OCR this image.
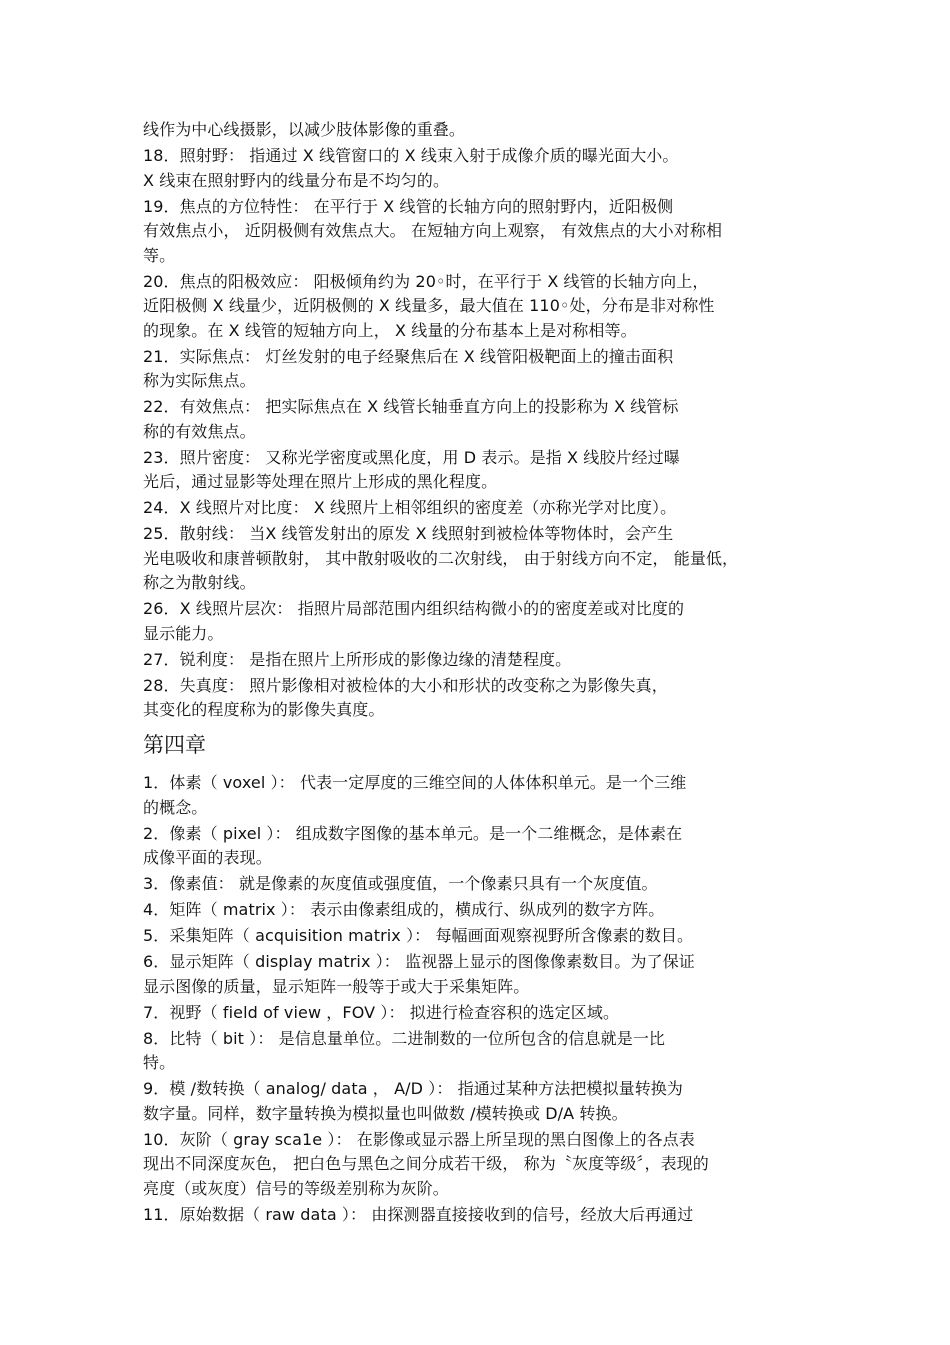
线作为中心线摄影，以减少肢体影像的重叠。
18．照射野： 指通过 X 线管窗口的 X 线束入射于成像介质的曝光面大小。
X 线束在照射野内的线量分布是不均匀的。
19．焦点的方位特性： 在平行于 X 线管的长轴方向的照射野内，近阳极侧
有效焦点小， 近阴极侧有效焦点大。 在短轴方向上观察， 有效焦点的大小对称相
等。
20．焦点的阳极效应： 阳极倾角约为 20◦时，在平行于 X 线管的长轴方向上，
近阳极侧 X 线量少，近阴极侧的 X 线量多，最大值在 110◦处，分布是非对称性
的现象。在 X 线管的短轴方向上， X 线量的分布基本上是对称相等。
21．实际焦点： 灯丝发射的电子经聚焦后在 X 线管阳极靶面上的撞击面积
称为实际焦点。
22．有效焦点： 把实际焦点在 X 线管长轴垂直方向上的投影称为 X 线管标
称的有效焦点。
23．照片密度： 又称光学密度或黑化度，用 D 表示。是指 X 线胶片经过曝
光后，通过显影等处理在照片上形成的黑化程度。
24．X 线照片对比度： X 线照片上相邻组织的密度差（亦称光学对比度）。
25．散射线： 当X 线管发射出的原发 X 线照射到被检体等物体时，会产生
光电吸收和康普顿散射， 其中散射吸收的二次射线， 由于射线方向不定， 能量低，
称之为散射线。
26．X 线照片层次： 指照片局部范围内组织结构微小的的密度差或对比度的
显示能力。
27．锐利度： 是指在照片上所形成的影像边缘的清楚程度。
28．失真度： 照片影像相对被检体的大小和形状的改变称之为影像失真，
其变化的程度称为的影像失真度。
第四章
1．体素（ voxel ）： 代表一定厚度的三维空间的人体体积单元。是一个三维
的概念。
2．像素（ pixel ）： 组成数字图像的基本单元。是一个二维概念，是体素在
成像平面的表现。
3．像素值： 就是像素的灰度值或强度值，一个像素只具有一个灰度值。
4．矩阵（ matrix ）： 表示由像素组成的，横成行、纵成列的数字方阵。
5．采集矩阵（ acquisition matrix ）： 每幅画面观察视野所含像素的数目。
6．显示矩阵（ display matrix ）： 监视器上显示的图像像素数目。为了保证
显示图像的质量，显示矩阵一般等于或大于采集矩阵。
7．视野（ field of view ，FOV ）： 拟进行检查容积的选定区域。
8．比特（ bit ）： 是信息量单位。二进制数的一位所包含的信息就是一比
特。
9．模 /数转换（ analog/ data ， A/D ）： 指通过某种方法把模拟量转换为
数字量。同样，数字量转换为模拟量也叫做数 /模转换或 D/A 转换。
10．灰阶（ gray sca1e ）： 在影像或显示器上所呈现的黑白图像上的各点表
现出不同深度灰色， 把白色与黑色之间分成若干级， 称为〝灰度等级〞，表现的
亮度（或灰度）信号的等级差别称为灰阶。
11．原始数据（ raw data ）： 由探测器直接接收到的信号，经放大后再通过
